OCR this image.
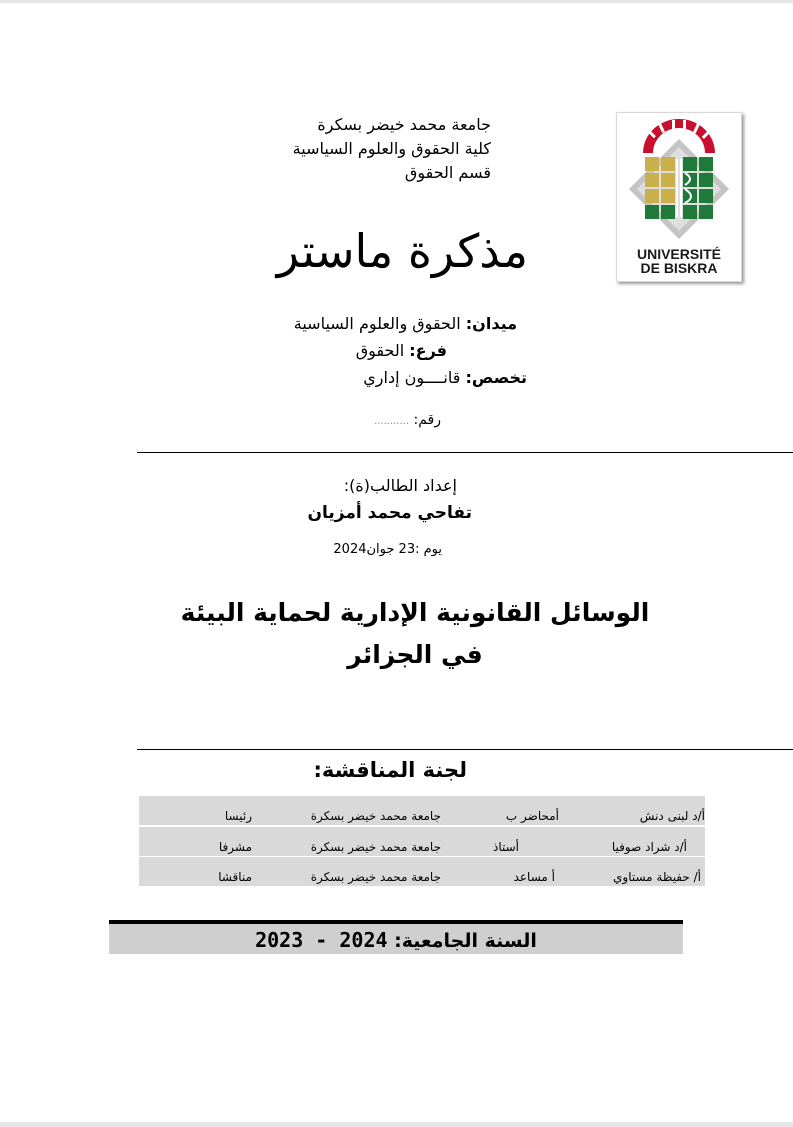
جامعة محمد خيضر بسكرة
كلية الحقوق والعلوم السياسية
قسم الحقوق
UNIVERSITÉ
DE BISKRA
مذكرة ماستر
ميدان: الحقوق والعلوم السياسية
فرع: الحقوق
تخصص: قانــــون إداري
رقم: ...........
إعداد الطالب(ة):
تفاحي محمد أمزيان
يوم :23 جوان2024
الوسائل القانونية الإدارية لحماية البيئة
في الجزائر
لجنة المناقشة:
أ/د لبنى دنش
أمحاضر ب
جامعة محمد خيضر بسكرة
رئيسا
أ/د شراد صوفيا
أستاذ
جامعة محمد خيضر بسكرة
مشرفا
أ/ حفيظة مستاوي
أ مساعد
جامعة محمد خيضر بسكرة
مناقشا
السنة الجامعية: 2023 - 2024
